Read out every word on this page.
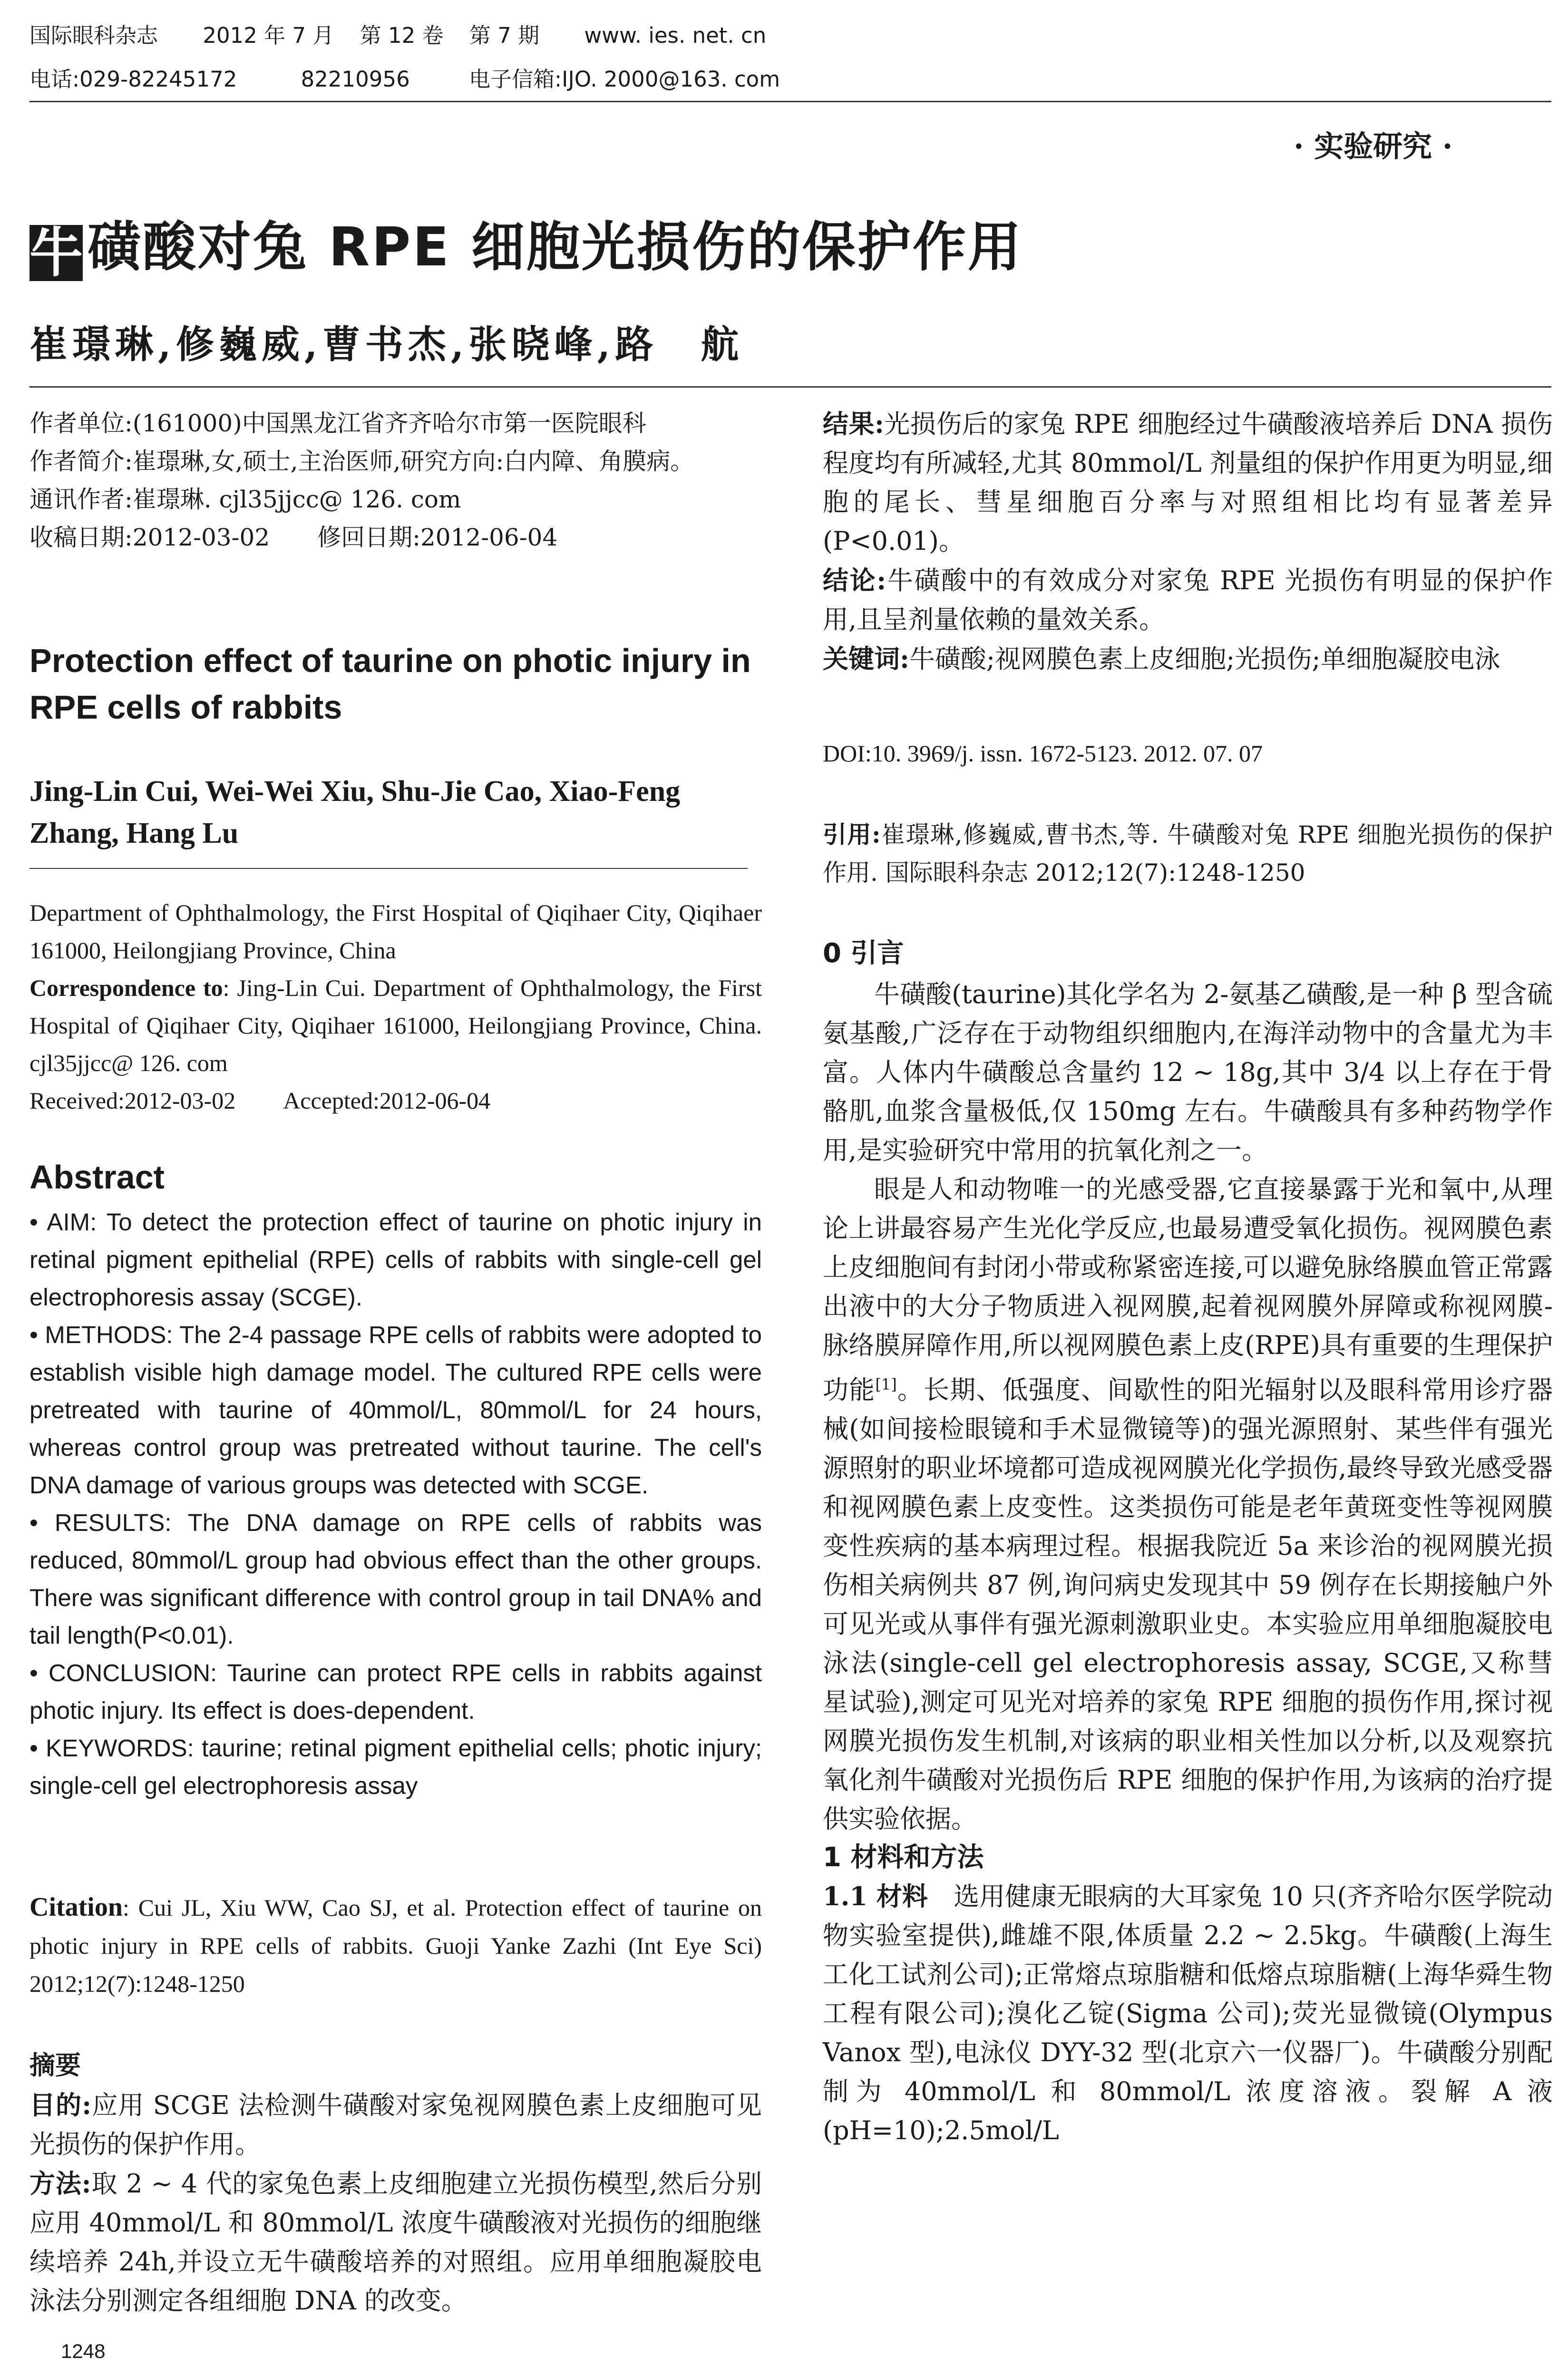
国际眼科杂志 2012 年 7 月 第 12 卷 第 7 期 www. ies. net. cn
电话:029-82245172	82210956	电子信箱:IJO. 2000@163. com
· 实验研究 ·
牛磺酸对兔 RPE 细胞光损伤的保护作用
崔璟琳,修巍威,曹书杰,张晓峰,路　航

作者单位:(161000)中国黑龙江省齐齐哈尔市第一医院眼科

作者简介:崔璟琳,女,硕士,主治医师,研究方向:白内障、角膜病。

通讯作者:崔璟琳. cjl35jjcc@ 126. com

收稿日期:2012-03-02　　修回日期:2012-06-04

Protection effect of taurine on photic injury in RPE cells of rabbits
Jing-Lin Cui, Wei-Wei Xiu, Shu-Jie Cao, Xiao-Feng Zhang, Hang Lu

Department of Ophthalmology, the First Hospital of Qiqihaer City, Qiqihaer 161000, Heilongjiang Province, China

Correspondence to: Jing-Lin Cui. Department of Ophthalmology, the First Hospital of Qiqihaer City, Qiqihaer 161000, Heilongjiang Province, China. cjl35jjcc@ 126. com

Received:2012-03-02　　Accepted:2012-06-04

Abstract

• AIM: To detect the protection effect of taurine on photic injury in retinal pigment epithelial (RPE) cells of rabbits with single-cell gel electrophoresis assay (SCGE).

• METHODS: The 2-4 passage RPE cells of rabbits were adopted to establish visible high damage model. The cultured RPE cells were pretreated with taurine of 40mmol/L, 80mmol/L for 24 hours, whereas control group was pretreated without taurine. The cell's DNA damage of various groups was detected with SCGE.

• RESULTS: The DNA damage on RPE cells of rabbits was reduced, 80mmol/L group had obvious effect than the other groups. There was significant difference with control group in tail DNA% and tail length(P<0.01).

• CONCLUSION: Taurine can protect RPE cells in rabbits against photic injury. Its effect is does-dependent.

• KEYWORDS: taurine; retinal pigment epithelial cells; photic injury; single-cell gel electrophoresis assay

Citation: Cui JL, Xiu WW, Cao SJ, et al. Protection effect of taurine on photic injury in RPE cells of rabbits. Guoji Yanke Zazhi (Int Eye Sci) 2012;12(7):1248-1250
摘要

目的:应用 SCGE 法检测牛磺酸对家兔视网膜色素上皮细胞可见光损伤的保护作用。

方法:取 2 ~ 4 代的家兔色素上皮细胞建立光损伤模型,然后分别应用 40mmol/L 和 80mmol/L 浓度牛磺酸液对光损伤的细胞继续培养 24h,并设立无牛磺酸培养的对照组。应用单细胞凝胶电泳法分别测定各组细胞 DNA 的改变。

1248

结果:光损伤后的家兔 RPE 细胞经过牛磺酸液培养后 DNA 损伤程度均有所减轻,尤其 80mmol/L 剂量组的保护作用更为明显,细胞的尾长、彗星细胞百分率与对照组相比均有显著差异(P<0.01)。

结论:牛磺酸中的有效成分对家兔 RPE 光损伤有明显的保护作用,且呈剂量依赖的量效关系。

关键词:牛磺酸;视网膜色素上皮细胞;光损伤;单细胞凝胶电泳

DOI:10. 3969/j. issn. 1672-5123. 2012. 07. 07
引用:崔璟琳,修巍威,曹书杰,等. 牛磺酸对兔 RPE 细胞光损伤的保护作用. 国际眼科杂志 2012;12(7):1248-1250
0 引言

牛磺酸(taurine)其化学名为 2-氨基乙磺酸,是一种 β 型含硫氨基酸,广泛存在于动物组织细胞内,在海洋动物中的含量尤为丰富。人体内牛磺酸总含量约 12 ~ 18g,其中 3/4 以上存在于骨骼肌,血浆含量极低,仅 150mg 左右。牛磺酸具有多种药物学作用,是实验研究中常用的抗氧化剂之一。

眼是人和动物唯一的光感受器,它直接暴露于光和氧中,从理论上讲最容易产生光化学反应,也最易遭受氧化损伤。视网膜色素上皮细胞间有封闭小带或称紧密连接,可以避免脉络膜血管正常露出液中的大分子物质进入视网膜,起着视网膜外屏障或称视网膜-脉络膜屏障作用,所以视网膜色素上皮(RPE)具有重要的生理保护功能[1]。长期、低强度、间歇性的阳光辐射以及眼科常用诊疗器械(如间接检眼镜和手术显微镜等)的强光源照射、某些伴有强光源照射的职业坏境都可造成视网膜光化学损伤,最终导致光感受器和视网膜色素上皮变性。这类损伤可能是老年黄斑变性等视网膜变性疾病的基本病理过程。根据我院近 5a 来诊治的视网膜光损伤相关病例共 87 例,询问病史发现其中 59 例存在长期接触户外可见光或从事伴有强光源刺激职业史。本实验应用单细胞凝胶电泳法(single-cell gel electrophoresis assay, SCGE,又称彗星试验),测定可见光对培养的家兔 RPE 细胞的损伤作用,探讨视网膜光损伤发生机制,对该病的职业相关性加以分析,以及观察抗氧化剂牛磺酸对光损伤后 RPE 细胞的保护作用,为该病的治疗提供实验依据。

1 材料和方法

1.1 材料  选用健康无眼病的大耳家兔 10 只(齐齐哈尔医学院动物实验室提供),雌雄不限,体质量 2.2 ~ 2.5kg。牛磺酸(上海生工化工试剂公司);正常熔点琼脂糖和低熔点琼脂糖(上海华舜生物工程有限公司);溴化乙锭(Sigma 公司);荧光显微镜(Olympus Vanox 型),电泳仪 DYY-32 型(北京六一仪器厂)。牛磺酸分别配制为 40mmol/L 和 80mmol/L 浓度溶液。裂解 A 液(pH=10);2.5mol/L
